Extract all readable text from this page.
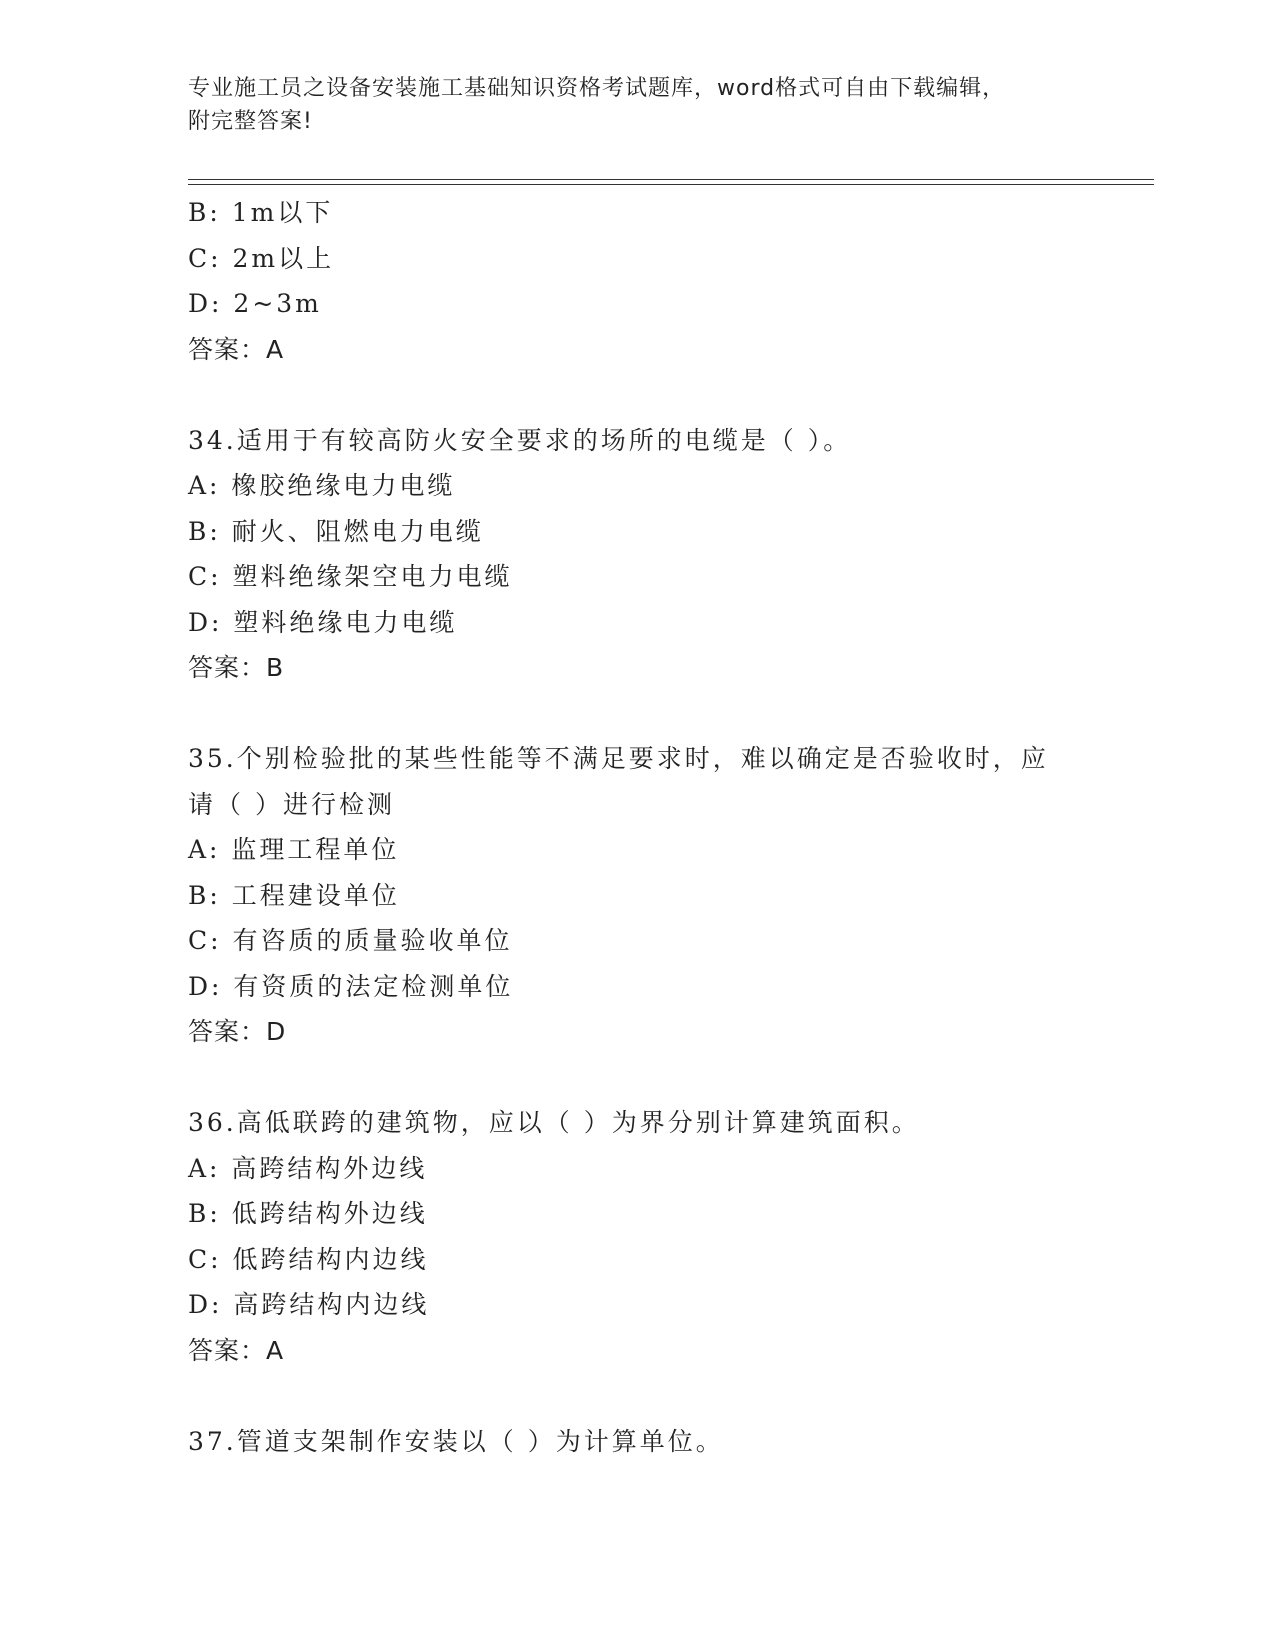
专业施工员之设备安装施工基础知识资格考试题库，word格式可自由下载编辑，
附完整答案!
B: 1m以下
C: 2m以上
D: 2~3m
答案：A
34.适用于有较高防火安全要求的场所的电缆是（ ）。
A: 橡胶绝缘电力电缆
B: 耐火、阻燃电力电缆
C: 塑料绝缘架空电力电缆
D: 塑料绝缘电力电缆
答案：B
35.个别检验批的某些性能等不满足要求时，难以确定是否验收时，应
请（ ）进行检测
A: 监理工程单位
B: 工程建设单位
C: 有咨质的质量验收单位
D: 有资质的法定检测单位
答案：D
36.高低联跨的建筑物，应以（ ）为界分别计算建筑面积。
A: 高跨结构外边线
B: 低跨结构外边线
C: 低跨结构内边线
D: 高跨结构内边线
答案：A
37.管道支架制作安装以（ ）为计算单位。
